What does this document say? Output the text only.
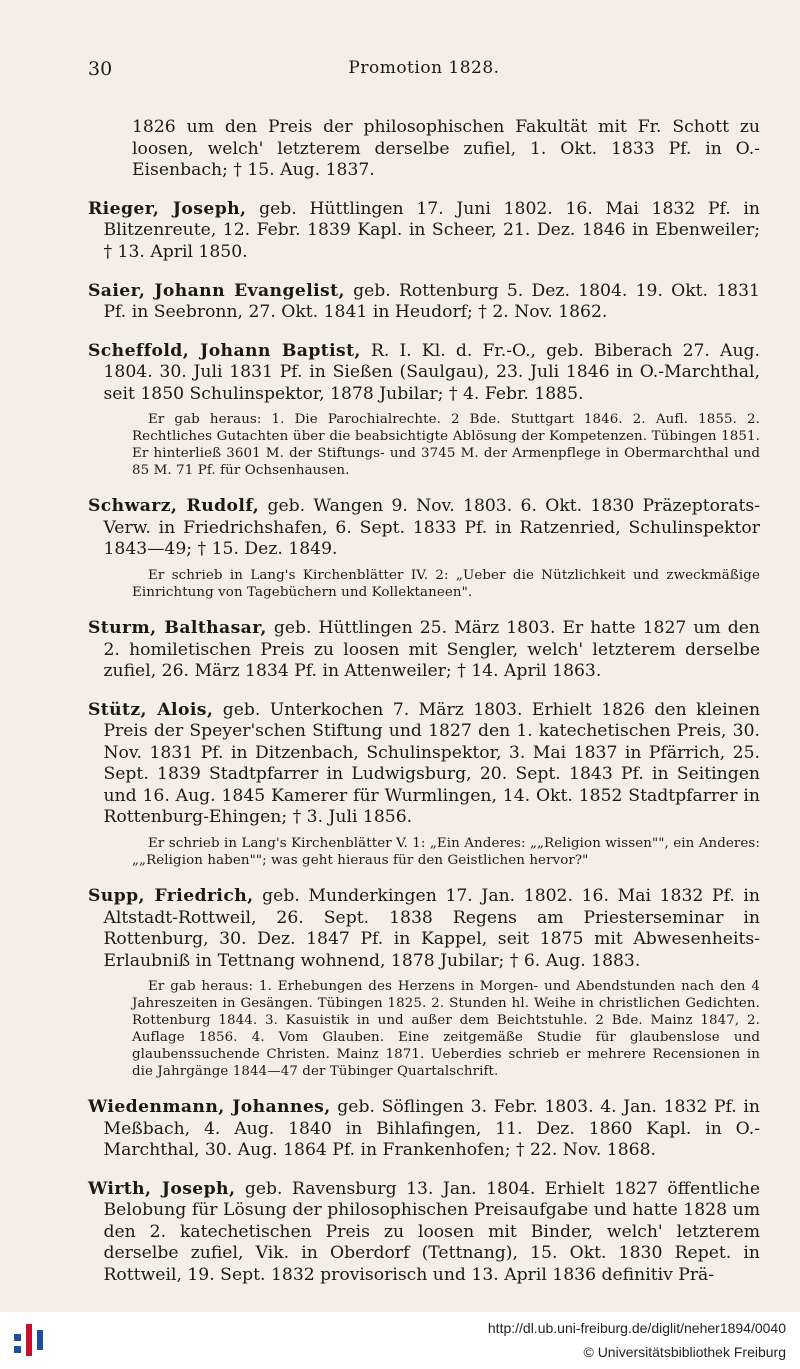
30	Promotion 1828.

1826 um den Preis der philosophischen Fakultät mit Fr. Schott zu loosen, welch' letzterem derselbe zufiel, 1. Okt. 1833 Pf. in O.-Eisenbach; † 15. Aug. 1837.

Rieger, Joseph, geb. Hüttlingen 17. Juni 1802. 16. Mai 1832 Pf. in Blitzenreute, 12. Febr. 1839 Kapl. in Scheer, 21. Dez. 1846 in Ebenweiler; † 13. April 1850.

Saier, Johann Evangelist, geb. Rottenburg 5. Dez. 1804. 19. Okt. 1831 Pf. in Seebronn, 27. Okt. 1841 in Heudorf; † 2. Nov. 1862.

Scheffold, Johann Baptist, R. I. Kl. d. Fr.-O., geb. Biberach 27. Aug. 1804. 30. Juli 1831 Pf. in Sießen (Saulgau), 23. Juli 1846 in O.-Marchthal, seit 1850 Schulinspektor, 1878 Jubilar; † 4. Febr. 1885.

Er gab heraus: 1. Die Parochialrechte. 2 Bde. Stuttgart 1846. 2. Aufl. 1855. 2. Rechtliches Gutachten über die beabsichtigte Ablösung der Kompetenzen. Tübingen 1851. Er hinterließ 3601 M. der Stiftungs- und 3745 M. der Armenpflege in Obermarchthal und 85 M. 71 Pf. für Ochsenhausen.

Schwarz, Rudolf, geb. Wangen 9. Nov. 1803. 6. Okt. 1830 Präzeptorats-Verw. in Friedrichshafen, 6. Sept. 1833 Pf. in Ratzenried, Schulinspektor 1843—49; † 15. Dez. 1849.

Er schrieb in Lang's Kirchenblätter IV. 2: „Ueber die Nützlichkeit und zweckmäßige Einrichtung von Tagebüchern und Kollektaneen".

Sturm, Balthasar, geb. Hüttlingen 25. März 1803. Er hatte 1827 um den 2. homiletischen Preis zu loosen mit Sengler, welch' letzterem derselbe zufiel, 26. März 1834 Pf. in Attenweiler; † 14. April 1863.

Stütz, Alois, geb. Unterkochen 7. März 1803. Erhielt 1826 den kleinen Preis der Speyer'schen Stiftung und 1827 den 1. katechetischen Preis, 30. Nov. 1831 Pf. in Ditzenbach, Schulinspektor, 3. Mai 1837 in Pfärrich, 25. Sept. 1839 Stadtpfarrer in Ludwigsburg, 20. Sept. 1843 Pf. in Seitingen und 16. Aug. 1845 Kamerer für Wurmlingen, 14. Okt. 1852 Stadtpfarrer in Rottenburg-Ehingen; † 3. Juli 1856.

Er schrieb in Lang's Kirchenblätter V. 1: „Ein Anderes: „„Religion wissen"", ein Anderes: „„Religion haben""; was geht hieraus für den Geistlichen hervor?"

Supp, Friedrich, geb. Munderkingen 17. Jan. 1802. 16. Mai 1832 Pf. in Altstadt-Rottweil, 26. Sept. 1838 Regens am Priesterseminar in Rottenburg, 30. Dez. 1847 Pf. in Kappel, seit 1875 mit Abwesenheits-Erlaubniß in Tettnang wohnend, 1878 Jubilar; † 6. Aug. 1883.

Er gab heraus: 1. Erhebungen des Herzens in Morgen- und Abendstunden nach den 4 Jahreszeiten in Gesängen. Tübingen 1825. 2. Stunden hl. Weihe in christlichen Gedichten. Rottenburg 1844. 3. Kasuistik in und außer dem Beichtstuhle. 2 Bde. Mainz 1847, 2. Auflage 1856. 4. Vom Glauben. Eine zeitgemäße Studie für glaubenslose und glaubenssuchende Christen. Mainz 1871. Ueberdies schrieb er mehrere Recensionen in die Jahrgänge 1844—47 der Tübinger Quartalschrift.

Wiedenmann, Johannes, geb. Söflingen 3. Febr. 1803. 4. Jan. 1832 Pf. in Meßbach, 4. Aug. 1840 in Bihlafingen, 11. Dez. 1860 Kapl. in O.-Marchthal, 30. Aug. 1864 Pf. in Frankenhofen; † 22. Nov. 1868.

Wirth, Joseph, geb. Ravensburg 13. Jan. 1804. Erhielt 1827 öffentliche Belobung für Lösung der philosophischen Preisaufgabe und hatte 1828 um den 2. katechetischen Preis zu loosen mit Binder, welch' letzterem derselbe zufiel, Vik. in Oberdorf (Tettnang), 15. Okt. 1830 Repet. in Rottweil, 19. Sept. 1832 provisorisch und 13. April 1836 definitiv Prä-

http://dl.ub.uni-freiburg.de/diglit/neher1894/0040
© Universitätsbibliothek Freiburg
